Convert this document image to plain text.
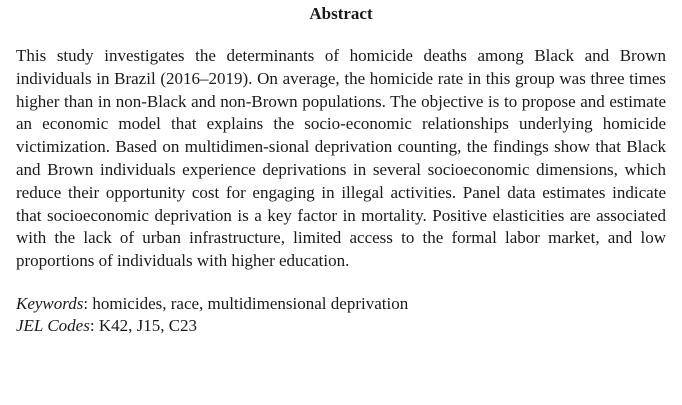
Abstract

This study investigates the determinants of homicide deaths among Black and Brown individuals in Brazil (2016–2019). On average, the homicide rate in this group was three times higher than in non-Black and non-Brown populations. The objective is to propose and estimate an economic model that explains the socio-economic relationships underlying homicide victimization. Based on multidimen-sional deprivation counting, the findings show that Black and Brown individuals experience deprivations in several socioeconomic dimensions, which reduce their opportunity cost for engaging in illegal activities. Panel data estimates indicate that socioeconomic deprivation is a key factor in mortality. Positive elasticities are associated with the lack of urban infrastructure, limited access to the formal labor market, and low proportions of individuals with higher education.

Keywords: homicides, race, multidimensional deprivation
JEL Codes: K42, J15, C23
